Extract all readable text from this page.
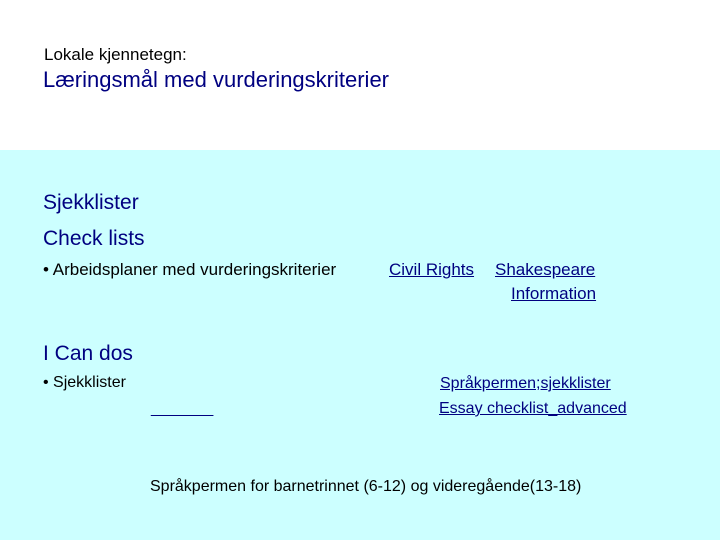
Lokale kjennetegn:
Læringsmål med vurderingskriterier
Sjekklister
Check lists
• Arbeidsplaner med vurderingskriterier	Civil Rights Shakespeare
Information
I Can dos
• Sjekklister	Språkpermen;sjekklister
_______	Essay checklist_advanced
Språkpermen for barnetrinnet (6-12) og videregående(13-18)
